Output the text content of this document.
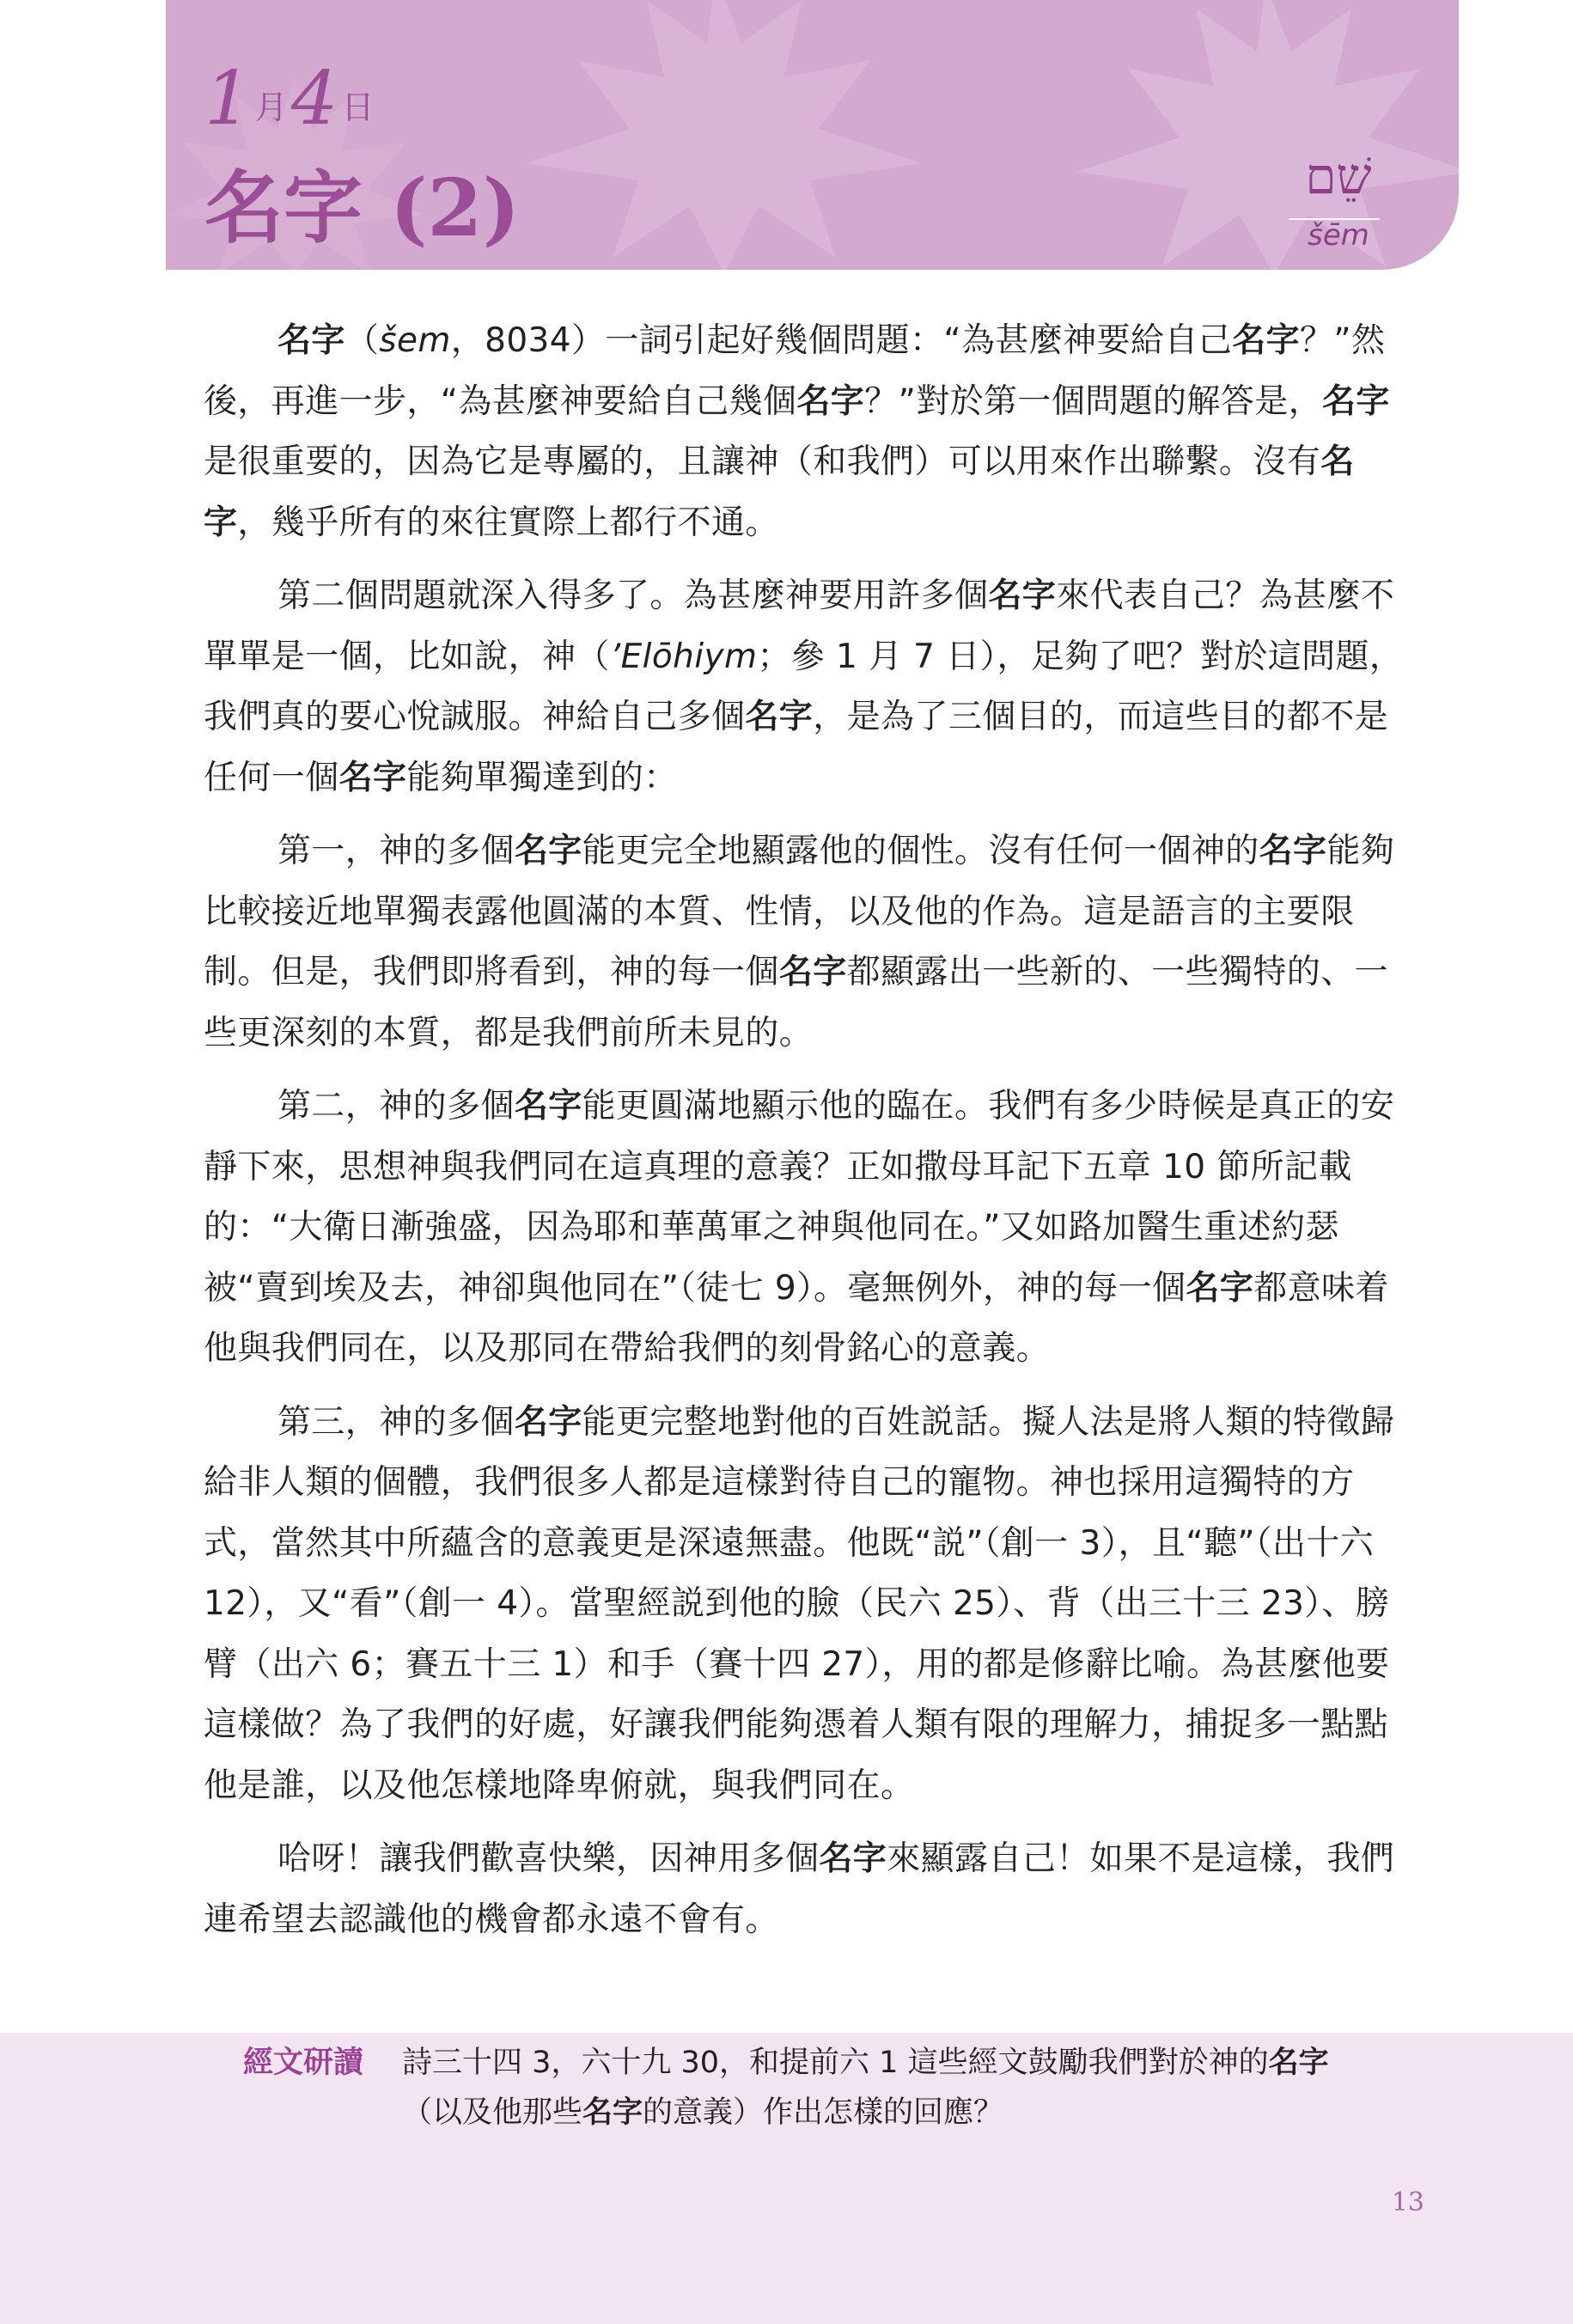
1 月4 日
名字 (2)	שֵׁם
šēm

名字（šem，8034）一詞引起好幾個問題：“為甚麼神要給自己名字？”然後，再進一步，“為甚麼神要給自己幾個名字？”對於第一個問題的解答是，名字是很重要的，因為它是專屬的，且讓神（和我們）可以用來作出聯繫。沒有名字，幾乎所有的來往實際上都行不通。

第二個問題就深入得多了。為甚麼神要用許多個名字來代表自己？為甚麼不單單是一個，比如說，神（’Elōhiym；參 1 月 7 日），足夠了吧？對於這問題，我們真的要心悅誠服。神給自己多個名字，是為了三個目的，而這些目的都不是任何一個名字能夠單獨達到的：

第一，神的多個名字能更完全地顯露他的個性。沒有任何一個神的名字能夠比較接近地單獨表露他圓滿的本質、性情，以及他的作為。這是語言的主要限制。但是，我們即將看到，神的每一個名字都顯露出一些新的、一些獨特的、一些更深刻的本質，都是我們前所未見的。

第二，神的多個名字能更圓滿地顯示他的臨在。我們有多少時候是真正的安靜下來，思想神與我們同在這真理的意義？正如撒母耳記下五章 10 節所記載的：“大衛日漸強盛，因為耶和華萬軍之神與他同在。”又如路加醫生重述約瑟被“賣到埃及去，神卻與他同在”（徒七 9）。毫無例外，神的每一個名字都意味着他與我們同在，以及那同在帶給我們的刻骨銘心的意義。

第三，神的多個名字能更完整地對他的百姓説話。擬人法是將人類的特徵歸給非人類的個體，我們很多人都是這樣對待自己的寵物。神也採用這獨特的方式，當然其中所蘊含的意義更是深遠無盡。他既“説”（創一 3），且“聽”（出十六 12），又“看”（創一 4）。當聖經説到他的臉（民六 25）、背（出三十三 23）、膀臂（出六 6；賽五十三 1）和手（賽十四 27），用的都是修辭比喻。為甚麼他要這樣做？為了我們的好處，好讓我們能夠憑着人類有限的理解力，捕捉多一點點他是誰，以及他怎樣地降卑俯就，與我們同在。

哈呀！讓我們歡喜快樂，因神用多個名字來顯露自己！如果不是這樣，我們連希望去認識他的機會都永遠不會有。

經文研讀 詩三十四 3，六十九 30，和提前六 1 這些經文鼓勵我們對於神的名字
（以及他那些名字的意義）作出怎樣的回應？
13
